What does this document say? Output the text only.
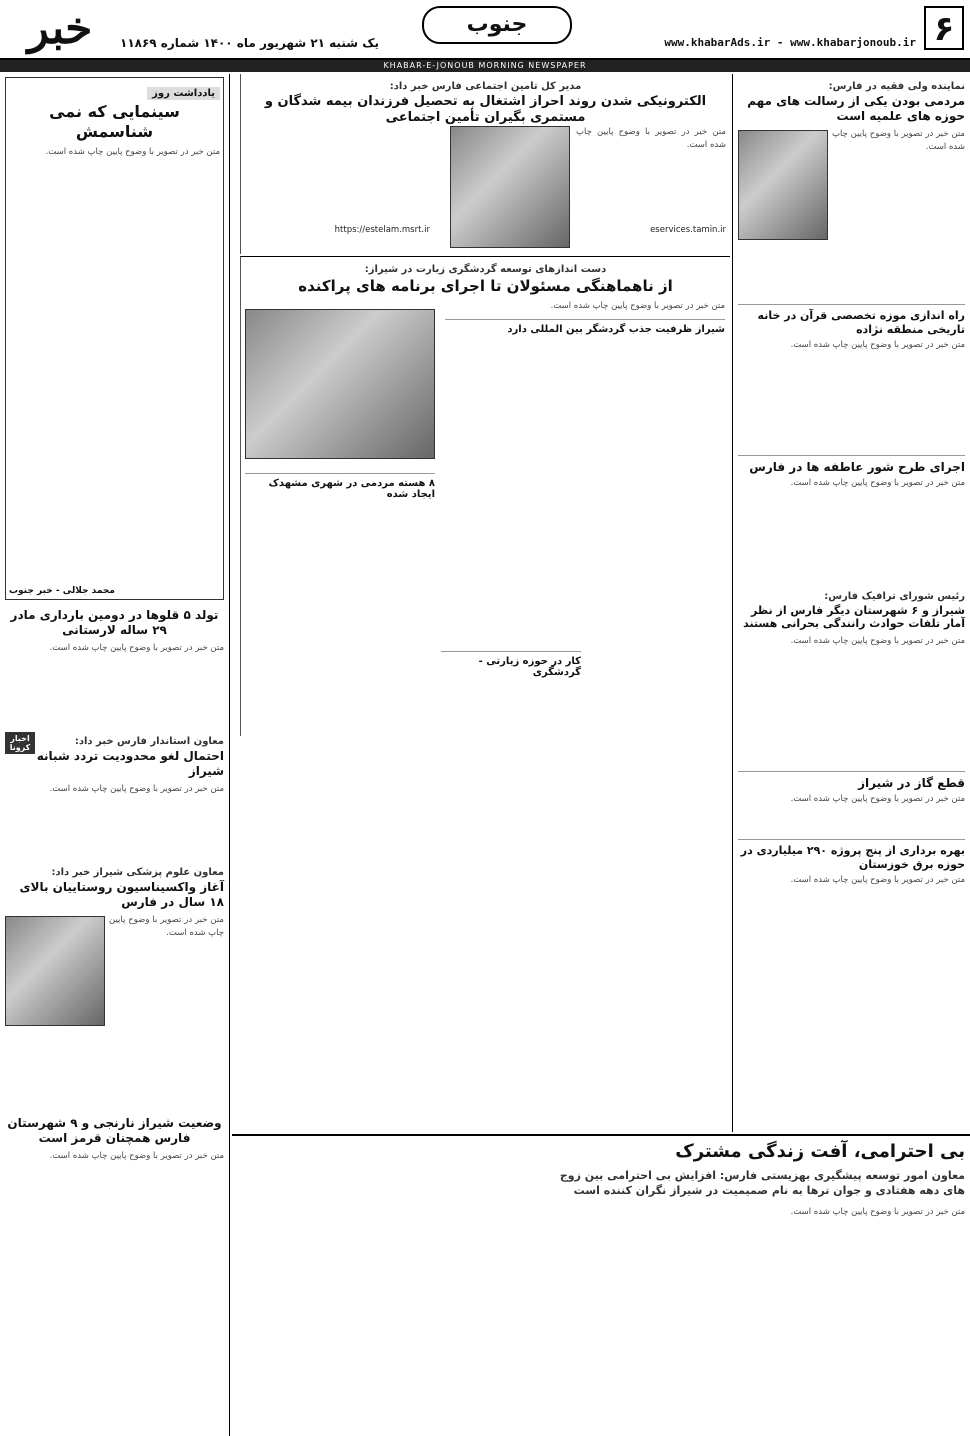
۶
www.khabarAds.ir - www.khabarjonoub.ir
جنوب
یک شنبه ۲۱ شهریور ماه ۱۴۰۰ شماره ۱۱۸۶۹
خبر
KHABAR-E-JONOUB MORNING NEWSPAPER
نماینده ولی فقیه در فارس:
مردمی بودن یکی از رسالت های مهم حوزه های علمیه است
متن خبر در تصویر با وضوح پایین چاپ شده است.
راه اندازی موزه تخصصی قرآن در خانه تاریخی منطقه نژاده
متن خبر در تصویر با وضوح پایین چاپ شده است.
اجرای طرح شور عاطفه ها در فارس
متن خبر در تصویر با وضوح پایین چاپ شده است.
رئیس شورای ترافیک فارس:
شیراز و ۶ شهرستان دیگر فارس از نظر آمار تلفات حوادث رانندگی بحرانی هستند
متن خبر در تصویر با وضوح پایین چاپ شده است.
قطع گاز در شیراز
متن خبر در تصویر با وضوح پایین چاپ شده است.
بهره برداری از پنج پروژه ۲۹۰ میلیاردی در حوزه برق خوزستان
متن خبر در تصویر با وضوح پایین چاپ شده است.
مدیر کل تامین اجتماعی فارس خبر داد:
الکترونیکی شدن روند احراز اشتغال به تحصیل فرزندان بیمه شدگان و مستمری بگیران تأمین اجتماعی
متن خبر در تصویر با وضوح پایین چاپ شده است.
eservices.tamin.ir
https://estelam.msrt.ir
دست اندازهای توسعه گردشگری زیارت در شیراز:
از ناهماهنگی مسئولان تا اجرای برنامه های پراکنده
متن خبر در تصویر با وضوح پایین چاپ شده است.
شیراز ظرفیت جذب گردشگر بین المللی دارد
کار در حوزه زیارتی - گردشگری
۸ هسته مردمی در شهری مشهدک ایجاد شده
یادداشت روز
سینمایی که نمی شناسمش
متن خبر در تصویر با وضوح پایین چاپ شده است.
محمد جلالی - خبر جنوب
تولد ۵ قلوها در دومین بارداری مادر ۲۹ ساله لارستانی
متن خبر در تصویر با وضوح پایین چاپ شده است.
اخبار کرونا
معاون استاندار فارس خبر داد:
احتمال لغو محدودیت تردد شبانه شیراز
متن خبر در تصویر با وضوح پایین چاپ شده است.
معاون علوم پزشکی شیراز خبر داد:
آغاز واکسیناسیون روستاییان بالای ۱۸ سال در فارس
متن خبر در تصویر با وضوح پایین چاپ شده است.
وضعیت شیراز نارنجی و ۹ شهرستان فارس همچنان قرمز است
متن خبر در تصویر با وضوح پایین چاپ شده است.	بی احترامی، آفت زندگی مشترک
معاون امور توسعه پیشگیری بهزیستی فارس: افزایش بی احترامی بین زوج های دهه هفتادی و جوان ترها به نام صمیمیت در شیراز نگران کننده است
متن خبر در تصویر با وضوح پایین چاپ شده است.
